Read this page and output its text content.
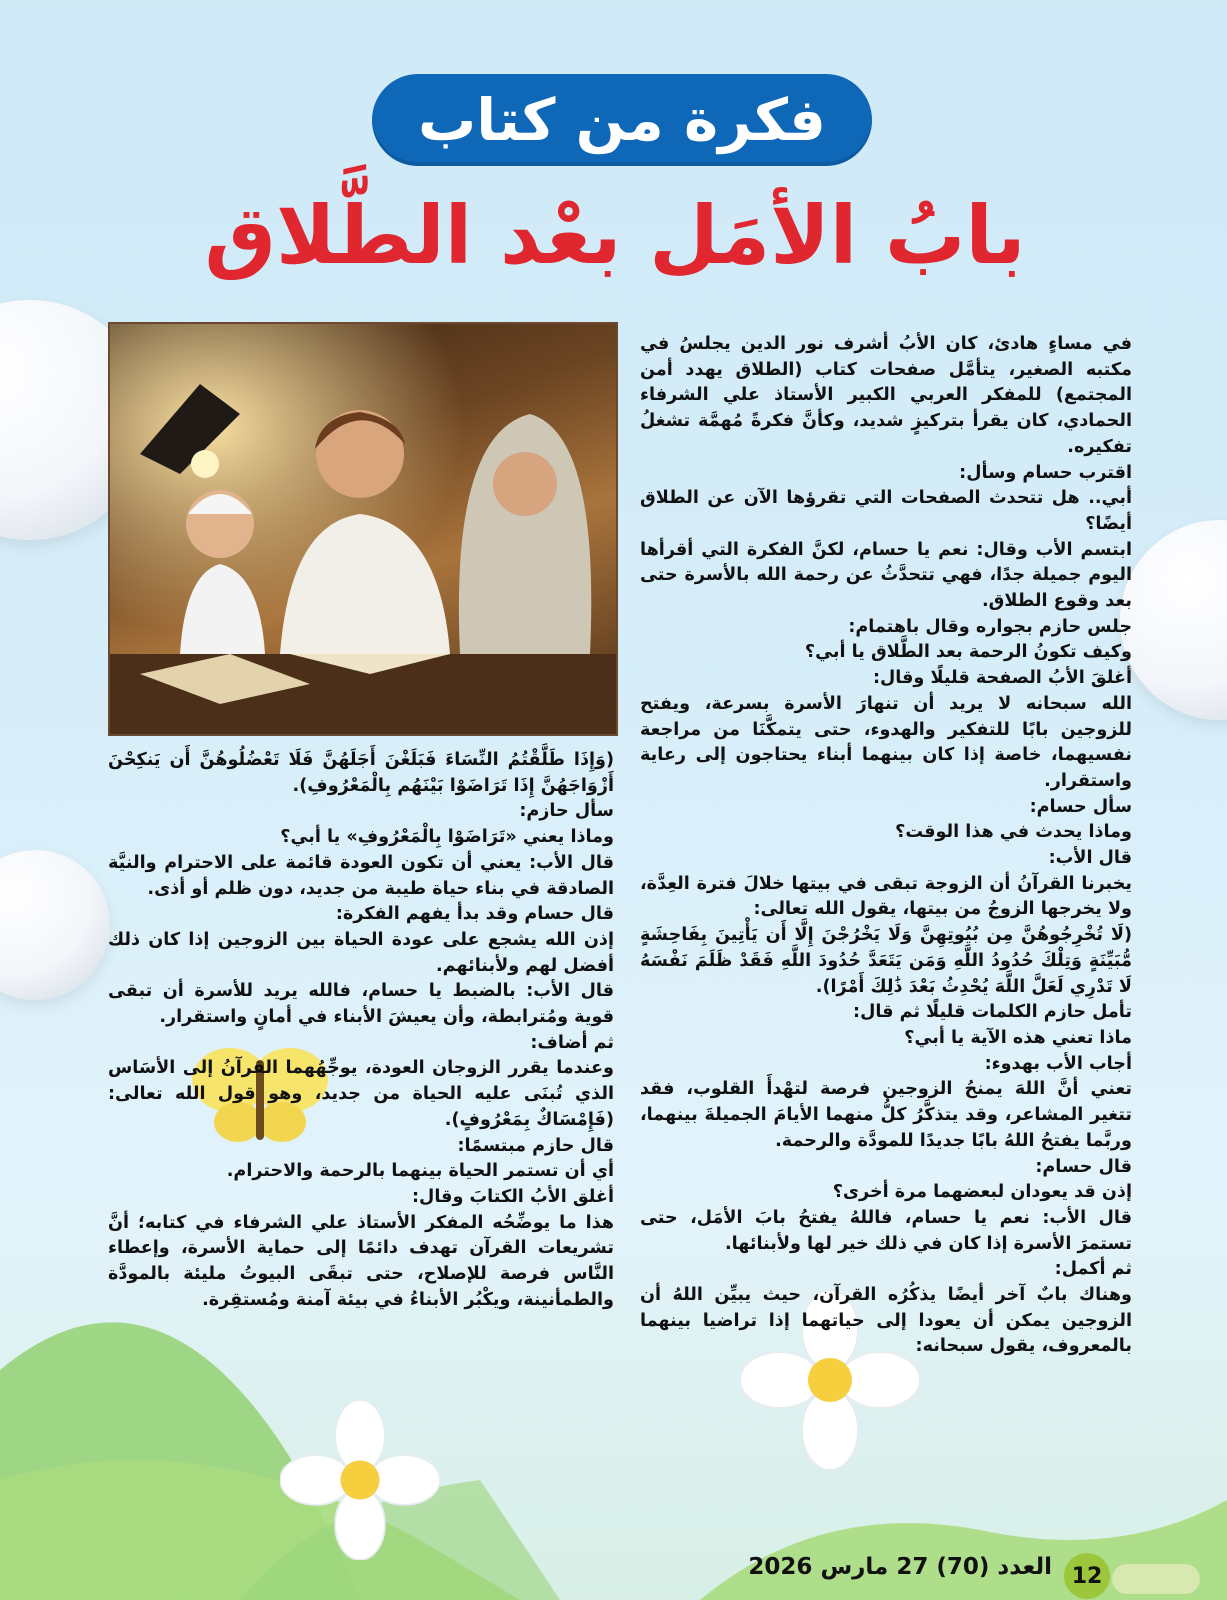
فكرة من كتاب
بابُ الأمَل بعْد الطَّلاق

في مساءٍ هادئ، كان الأبُ أشرف نور الدين يجلسُ في مكتبه الصغير، يتأمَّل صفحات كتاب (الطلاق يهدد أمن المجتمع) للمفكر العربي الكبير الأستاذ علي الشرفاء الحمادي، كان يقرأ بتركيزٍ شديد، وكأنَّ فكرةً مُهمَّة تشغلُ تفكيره.

اقترب حسام وسأل:

أبي.. هل تتحدث الصفحات التي تقرؤها الآن عن الطلاق أيضًا؟

ابتسم الأب وقال: نعم يا حسام، لكنَّ الفكرة التي أقرأها اليوم جميلة جدًا، فهي تتحدَّثُ عن رحمة الله بالأسرة حتى بعد وقوع الطلاق.

جلس حازم بجواره وقال باهتمام:

وكيف تكونُ الرحمة بعد الطَّلاق يا أبي؟

أغلقَ الأبُ الصفحة قليلًا وقال:

الله سبحانه لا يريد أن تنهارَ الأسرة بسرعة، ويفتح للزوجين بابًا للتفكير والهدوء، حتى يتمكَّنَا من مراجعة نفسيهما، خاصة إذا كان بينهما أبناء يحتاجون إلى رعاية واستقرار.

سأل حسام:

وماذا يحدث في هذا الوقت؟

قال الأب:

يخبرنا القرآنُ أن الزوجة تبقى في بيتها خلالَ فترة العِدَّة، ولا يخرجها الزوجُ من بيتها، يقول الله تعالى:

(لَا تُخْرِجُوهُنَّ مِن بُيُوتِهِنَّ وَلَا يَخْرُجْنَ إِلَّا أَن يَأْتِينَ بِفَاحِشَةٍ مُّبَيِّنَةٍ وَتِلْكَ حُدُودُ اللَّهِ وَمَن يَتَعَدَّ حُدُودَ اللَّهِ فَقَدْ ظَلَمَ نَفْسَهُ لَا تَدْرِي لَعَلَّ اللَّهَ يُحْدِثُ بَعْدَ ذَٰلِكَ أَمْرًا).

تأمل حازم الكلمات قليلًا ثم قال:

ماذا تعني هذه الآية يا أبي؟

أجاب الأب بهدوء:

تعني أنَّ اللهَ يمنحُ الزوجين فرصة لتهْدأَ القلوب، فقد تتغير المشاعر، وقد يتذكَّرُ كلُّ منهما الأيامَ الجميلةَ بينهما، وربَّما يفتحُ اللهُ بابًا جديدًا للمودَّة والرحمة.

قال حسام:

إذن قد يعودان لبعضهما مرة أخرى؟

قال الأب: نعم يا حسام، فاللهُ يفتحُ بابَ الأمَل، حتى تستمرَ الأسرة إذا كان في ذلك خير لها ولأبنائها.

ثم أكمل:

وهناك بابٌ آخر أيضًا يذكُرُه القرآن، حيث يبيِّن اللهُ أن الزوجين يمكن أن يعودا إلى حياتهما إذا تراضيا بينهما بالمعروف، يقول سبحانه:

(وَإِذَا طَلَّقْتُمُ النِّسَاءَ فَبَلَغْنَ أَجَلَهُنَّ فَلَا تَعْضُلُوهُنَّ أَن يَنكِحْنَ أَزْوَاجَهُنَّ إِذَا تَرَاضَوْا بَيْنَهُم بِالْمَعْرُوفِ).

سأل حازم:

وماذا يعني «تَرَاضَوْا بِالْمَعْرُوفِ» يا أبي؟

قال الأب: يعني أن تكون العودة قائمة على الاحترام والنيَّة الصادقة في بناء حياة طيبة من جديد، دون ظلم أو أذى.

قال حسام وقد بدأ يفهم الفكرة:

إذن الله يشجع على عودة الحياة بين الزوجين إذا كان ذلك أفضل لهم ولأبنائهم.

قال الأب: بالضبط يا حسام، فالله يريد للأسرة أن تبقى قوية ومُترابطة، وأن يعيشَ الأبناء في أمانٍ واستقرار.

ثم أضاف:

وعندما يقرر الزوجان العودة، يوجِّهُهما القرآنُ إلى الأسَاس الذي تُبنَى عليه الحياة من جديد، وهو قول الله تعالى: (فَإِمْسَاكٌ بِمَعْرُوفٍ).

قال حازم مبتسمًا:

أي أن تستمر الحياة بينهما بالرحمة والاحترام.

أغلق الأبُ الكتابَ وقال:

هذا ما يوضِّحُه المفكر الأستاذ علي الشرفاء في كتابه؛ أنَّ تشريعات القرآن تهدف دائمًا إلى حماية الأسرة، وإعطاء النَّاس فرصة للإصلاح، حتى تبقَى البيوتُ مليئة بالمودَّة والطمأنينة، ويكْبُر الأبناءُ في بيئة آمنة ومُستقِرة.

12
العدد (70) 27 مارس 2026
